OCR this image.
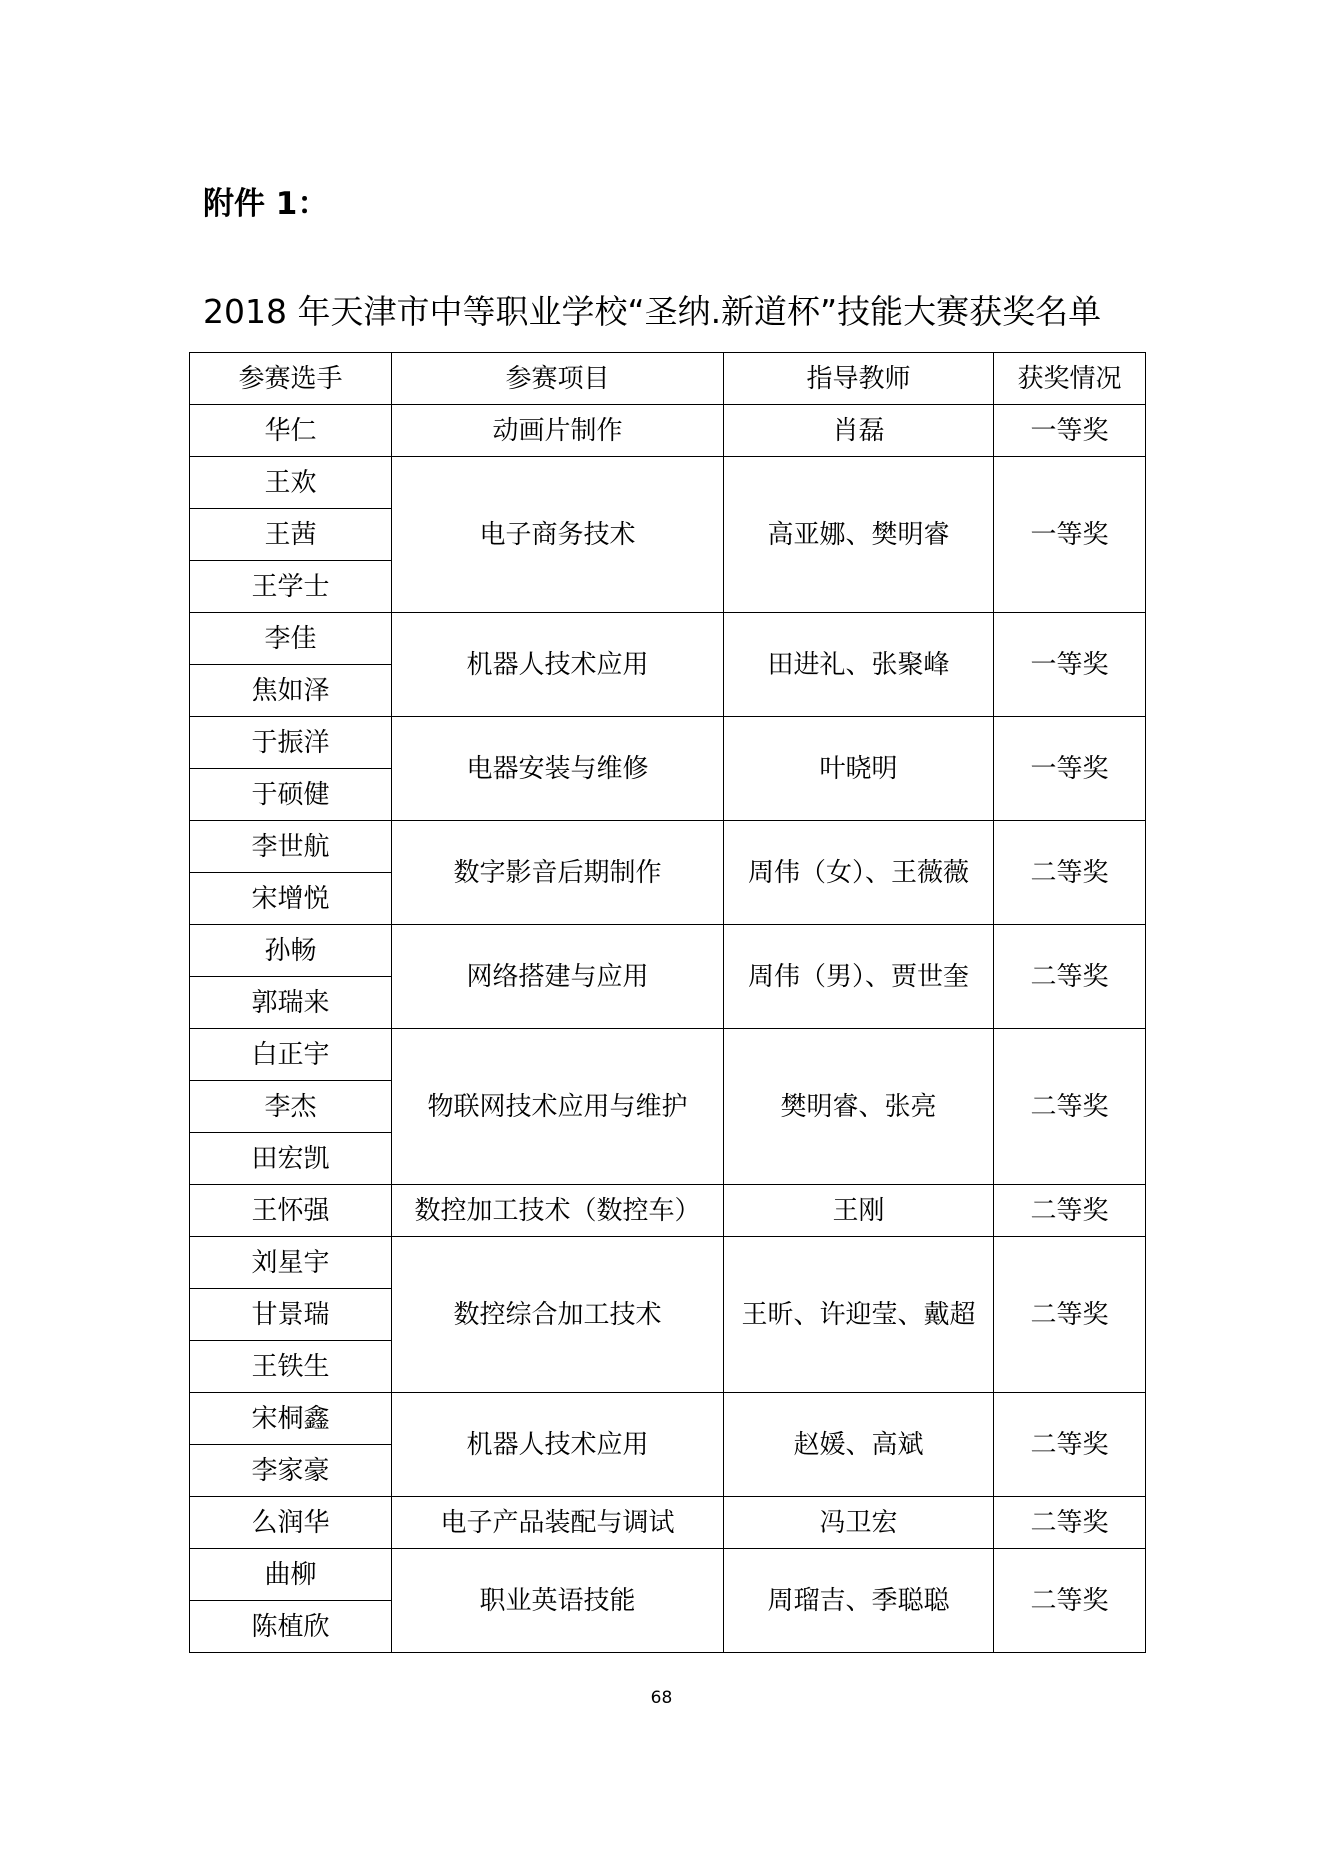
附件 1：
2018 年天津市中等职业学校“圣纳.新道杯”技能大赛获奖名单
参赛选手	参赛项目	指导教师	获奖情况
华仁	动画片制作	肖磊	一等奖
王欢	电子商务技术	高亚娜、樊明睿	一等奖
王茜			
王学士			
李佳	机器人技术应用	田进礼、张聚峰	一等奖
焦如泽			
于振洋	电器安装与维修	叶晓明	一等奖
于硕健			
李世航	数字影音后期制作	周伟（女）、王薇薇	二等奖
宋增悦			
孙畅	网络搭建与应用	周伟（男）、贾世奎	二等奖
郭瑞来			
白正宇	物联网技术应用与维护	樊明睿、张亮	二等奖
李杰			
田宏凯			
王怀强	数控加工技术（数控车）	王刚	二等奖
刘星宇	数控综合加工技术	王昕、许迎莹、戴超	二等奖
甘景瑞			
王铁生			
宋桐鑫	机器人技术应用	赵媛、高斌	二等奖
李家豪			
么润华	电子产品装配与调试	冯卫宏	二等奖
曲柳	职业英语技能	周瑠吉、季聪聪	二等奖
陈植欣			
68
